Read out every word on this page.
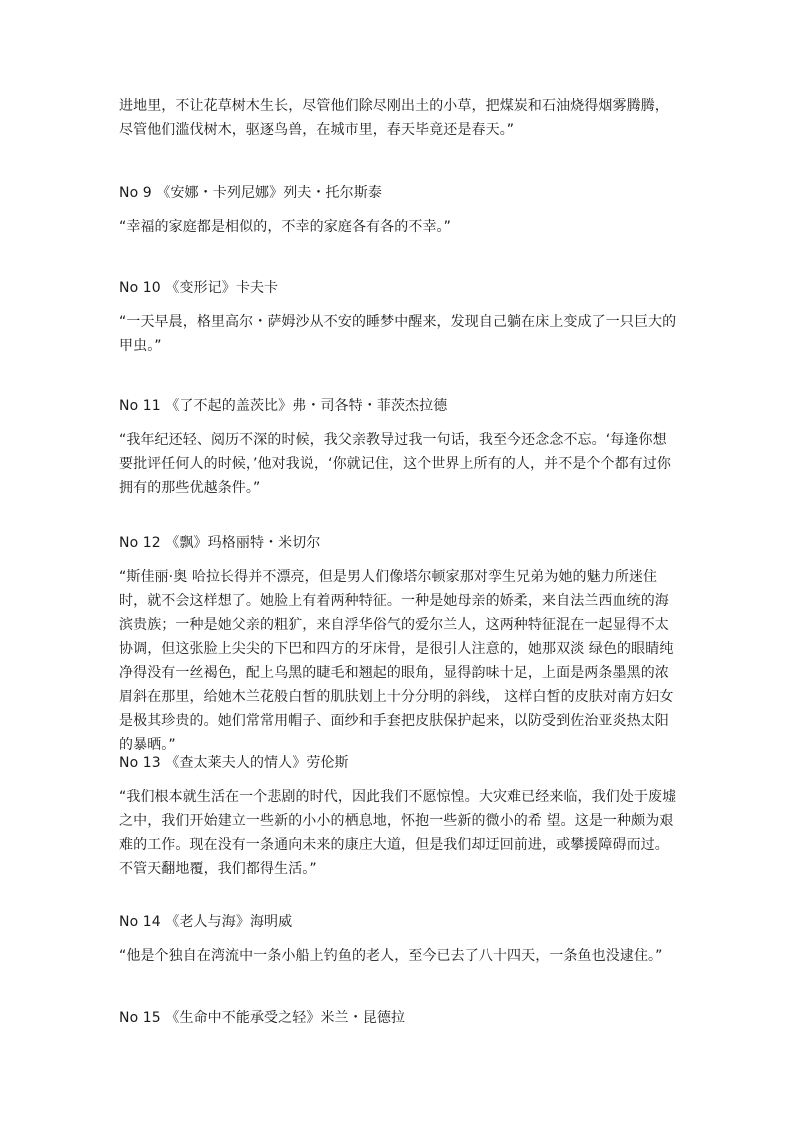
进地里，不让花草树木生长，尽管他们除尽刚出土的小草，把煤炭和石油烧得烟雾腾腾，尽管他们滥伐树木，驱逐鸟兽，在城市里，春天毕竟还是春天。”

No 9 《安娜・卡列尼娜》列夫・托尔斯泰

“幸福的家庭都是相似的，不幸的家庭各有各的不幸。”

No 10 《变形记》卡夫卡

“一天早晨，格里高尔・萨姆沙从不安的睡梦中醒来，发现自己躺在床上变成了一只巨大的甲虫。”

No 11 《了不起的盖茨比》弗・司各特・菲茨杰拉德

“我年纪还轻、阅历不深的时候，我父亲教导过我一句话，我至今还念念不忘。‘每逢你想要批评任何人的时候，’他对我说，‘你就记住，这个世界上所有的人，并不是个个都有过你拥有的那些优越条件。”

No 12 《飘》玛格丽特・米切尔

“斯佳丽·奥 哈拉长得并不漂亮，但是男人们像塔尔顿家那对孪生兄弟为她的魅力所迷住时，就不会这样想了。她脸上有着两种特征。一种是她母亲的娇柔，来自法兰西血统的海 滨贵族；一种是她父亲的粗犷，来自浮华俗气的爱尔兰人，这两种特征混在一起显得不太协调，但这张脸上尖尖的下巴和四方的牙床骨，是很引人注意的，她那双淡 绿色的眼睛纯净得没有一丝褐色，配上乌黑的睫毛和翘起的眼角，显得韵味十足，上面是两条墨黑的浓眉斜在那里，给她木兰花般白皙的肌肤划上十分分明的斜线， 这样白皙的皮肤对南方妇女是极其珍贵的。她们常常用帽子、面纱和手套把皮肤保护起来，以防受到佐治亚炎热太阳的暴晒。”

No 13 《查太莱夫人的情人》劳伦斯

“我们根本就生活在一个悲剧的时代，因此我们不愿惊惶。大灾难已经来临，我们处于废墟之中，我们开始建立一些新的小小的栖息地，怀抱一些新的微小的希 望。这是一种颇为艰难的工作。现在没有一条通向未来的康庄大道，但是我们却迂回前进，或攀援障碍而过。不管天翻地覆，我们都得生活。”

No 14 《老人与海》海明威

“他是个独自在湾流中一条小船上钓鱼的老人，至今已去了八十四天，一条鱼也没逮住。”

No 15 《生命中不能承受之轻》米兰・昆德拉
